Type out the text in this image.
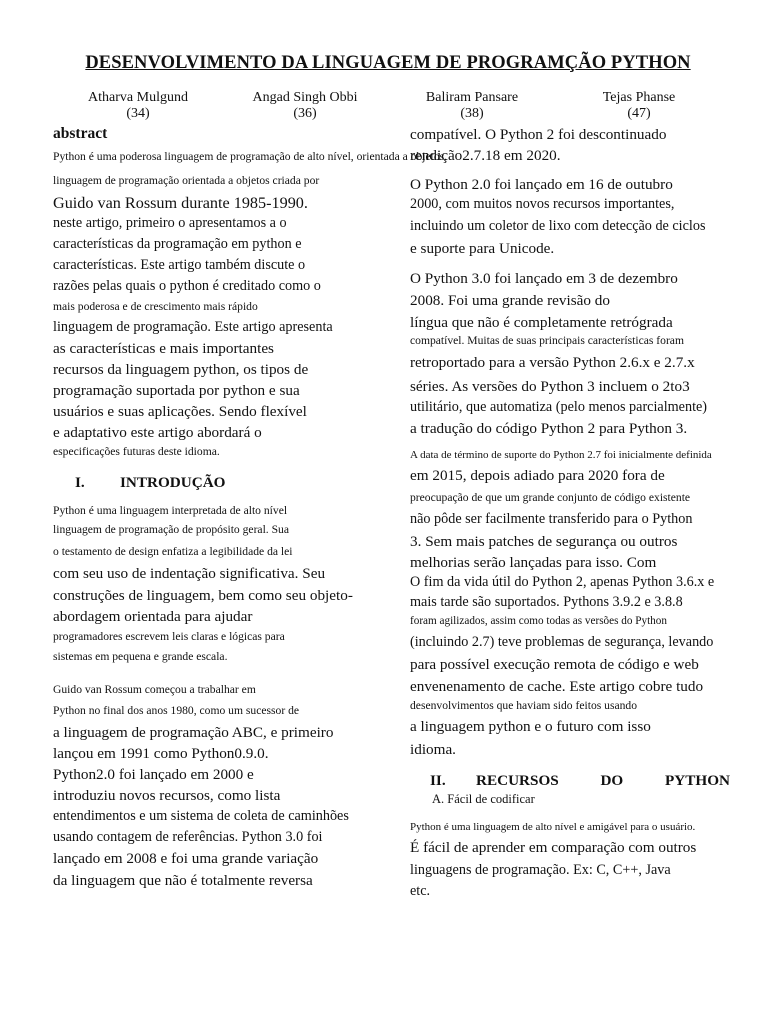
DESENVOLVIMENTO DA LINGUAGEM DE PROGRAMÇÃO PYTHON
Atharva Mulgund
(34)
Angad Singh Obbi
(36)
Baliram Pansare
(38)
Tejas Phanse
(47)
abstract
Python é uma poderosa linguagem de programação de alto nível, orientada a objetos.
linguagem de programação orientada a objetos criada por
Guido van Rossum durante 1985-1990.
neste artigo, primeiro o apresentamos a o
características da programação em python e
características. Este artigo também discute o
razões pelas quais o python é creditado como o
mais poderosa e de crescimento mais rápido
linguagem de programação. Este artigo apresenta
as características e mais importantes
recursos da linguagem python, os tipos de
programação suportada por python e sua
usuários e suas aplicações. Sendo flexível
e adaptativo este artigo abordará o
especificações futuras deste idioma.
I.	INTRODUÇÃO
Python é uma linguagem interpretada de alto nível
linguagem de programação de propósito geral. Sua
o testamento de design enfatiza a legibilidade da lei
com seu uso de indentação significativa. Seu
construções de linguagem, bem como seu objeto-
abordagem orientada para ajudar
programadores escrevem leis claras e lógicas para
sistemas em pequena e grande escala.
Guido van Rossum começou a trabalhar em
Python no final dos anos 1980, como um sucessor de
a linguagem de programação ABC, e primeiro
lançou em 1991 como Python0.9.0.
Python2.0 foi lançado em 2000 e
introduziu novos recursos, como lista
entendimentos e um sistema de coleta de caminhões
usando contagem de referências. Python 3.0 foi
lançado em 2008 e foi uma grande variação
da linguagem que não é totalmente reversa
compatível. O Python 2 foi descontinuado
rendição2.7.18 em 2020.
O Python 2.0 foi lançado em 16 de outubro
2000, com muitos novos recursos importantes,
incluindo um coletor de lixo com detecção de ciclos
e suporte para Unicode.
O Python 3.0 foi lançado em 3 de dezembro
2008. Foi uma grande revisão do
língua que não é completamente retrógrada
compatível. Muitas de suas principais características foram
retroportado para a versão Python 2.6.x e 2.7.x
séries. As versões do Python 3 incluem o 2to3
utilitário, que automatiza (pelo menos parcialmente)
a tradução do código Python 2 para Python 3.
A data de término de suporte do Python 2.7 foi inicialmente definida
em 2015, depois adiado para 2020 fora de
preocupação de que um grande conjunto de código existente
não pôde ser facilmente transferido para o Python
3. Sem mais patches de segurança ou outros
melhorias serão lançadas para isso. Com
O fim da vida útil do Python 2, apenas Python 3.6.x e
mais tarde são suportados. Pythons 3.9.2 e 3.8.8
foram agilizados, assim como todas as versões do Python
(incluindo 2.7) teve problemas de segurança, levando
para possível execução remota de código e web
envenenamento de cache. Este artigo cobre tudo
desenvolvimentos que haviam sido feitos usando
a linguagem python e o futuro com isso
idioma.
II.	RECURSOS	DO	PYTHON
A. Fácil de codificar
Python é uma linguagem de alto nível e amigável para o usuário.
É fácil de aprender em comparação com outros
linguagens de programação. Ex: C, C++, Java
etc.
